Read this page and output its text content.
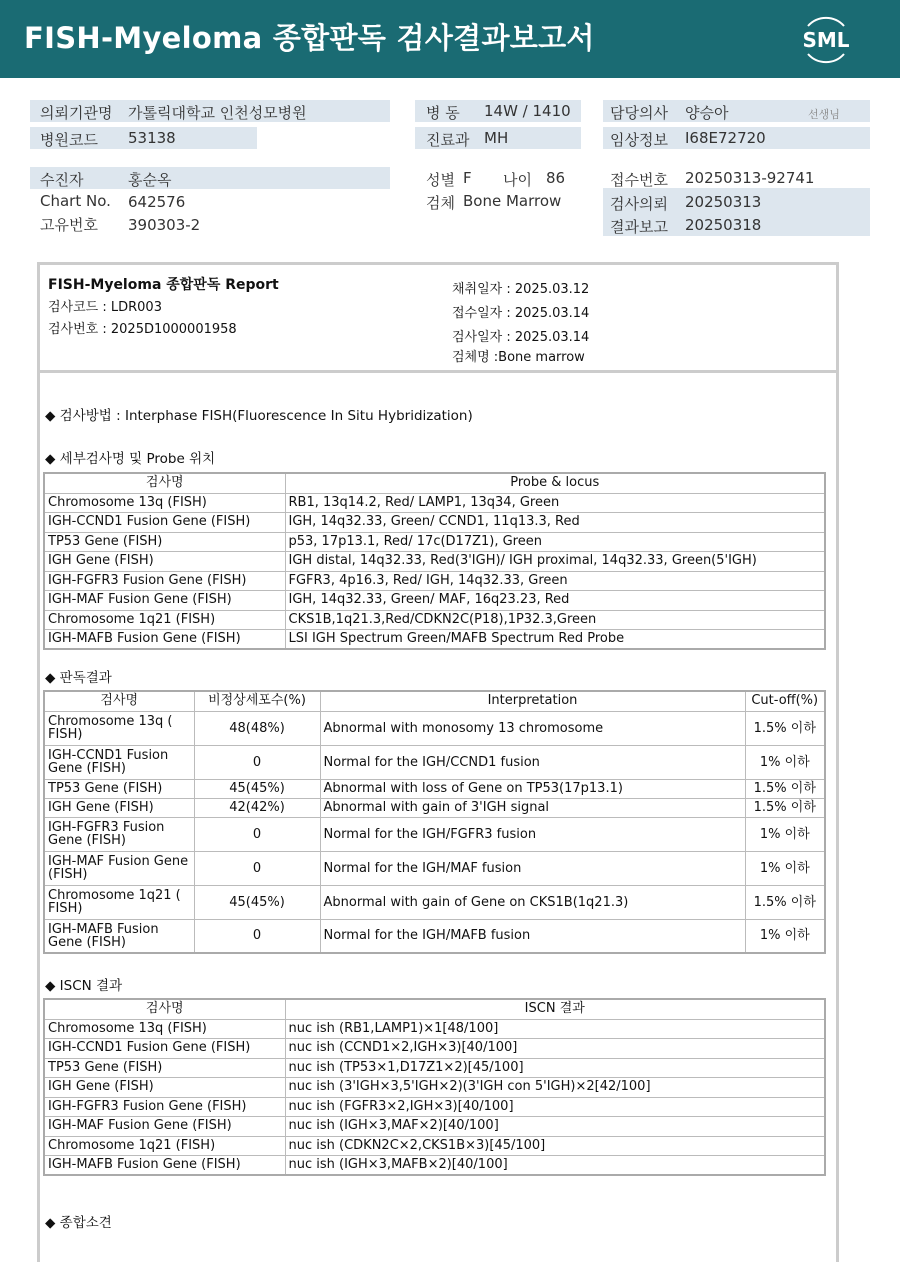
FISH-Myeloma 종합판독 검사결과보고서	SML
의뢰기관명 가톨릭대학교 인천성모병원
병원코드 53138
병 동 14W / 1410
진료과 MH
담당의사 양승아	선생님
임상정보 I68E72720
수진자	홍순옥
Chart No. 642576
고유번호 390303-2
성별 F 나이 86
검체 Bone Marrow
접수번호 20250313-92741
검사의뢰 20250313
결과보고 20250318
FISH-Myeloma 종합판독 Report
검사코드 : LDR003
검사번호 : 2025D1000001958
채취일자 : 2025.03.12
접수일자 : 2025.03.14
검사일자 : 2025.03.14
검체명 :Bone marrow
◆ 검사방법 : Interphase FISH(Fluorescence In Situ Hybridization)
◆ 세부검사명 및 Probe 위치
검사명	Probe & locus
Chromosome 13q (FISH)	RB1, 13q14.2, Red/ LAMP1, 13q34, Green
IGH-CCND1 Fusion Gene (FISH)	IGH, 14q32.33, Green/ CCND1, 11q13.3, Red
TP53 Gene (FISH)	p53, 17p13.1, Red/ 17c(D17Z1), Green
IGH Gene (FISH)	IGH distal, 14q32.33, Red(3'IGH)/ IGH proximal, 14q32.33, Green(5'IGH)
IGH-FGFR3 Fusion Gene (FISH)	FGFR3, 4p16.3, Red/ IGH, 14q32.33, Green
IGH-MAF Fusion Gene (FISH)	IGH, 14q32.33, Green/ MAF, 16q23.23, Red
Chromosome 1q21 (FISH)	CKS1B,1q21.3,Red/CDKN2C(P18),1P32.3,Green
IGH-MAFB Fusion Gene (FISH)	LSI IGH Spectrum Green/MAFB Spectrum Red Probe
◆ 판독결과
검사명	비정상세포수(%)	Interpretation	Cut-off(%)
Chromosome 13q ( FISH)	48(48%)	Abnormal with monosomy 13 chromosome	1.5% 이하
IGH-CCND1 Fusion Gene (FISH)	0	Normal for the IGH/CCND1 fusion	1% 이하
TP53 Gene (FISH)	45(45%)	Abnormal with loss of Gene on TP53(17p13.1)	1.5% 이하
IGH Gene (FISH)	42(42%)	Abnormal with gain of 3'IGH signal	1.5% 이하
IGH-FGFR3 Fusion Gene (FISH)	0	Normal for the IGH/FGFR3 fusion	1% 이하
IGH-MAF Fusion Gene (FISH)	0	Normal for the IGH/MAF fusion	1% 이하
Chromosome 1q21 ( FISH)	45(45%)	Abnormal with gain of Gene on CKS1B(1q21.3)	1.5% 이하
IGH-MAFB Fusion Gene (FISH)	0	Normal for the IGH/MAFB fusion	1% 이하
◆ ISCN 결과
검사명	ISCN 결과
Chromosome 13q (FISH)	nuc ish (RB1,LAMP1)×1[48/100]
IGH-CCND1 Fusion Gene (FISH)	nuc ish (CCND1×2,IGH×3)[40/100]
TP53 Gene (FISH)	nuc ish (TP53×1,D17Z1×2)[45/100]
IGH Gene (FISH)	nuc ish (3'IGH×3,5'IGH×2)(3'IGH con 5'IGH)×2[42/100]
IGH-FGFR3 Fusion Gene (FISH)	nuc ish (FGFR3×2,IGH×3)[40/100]
IGH-MAF Fusion Gene (FISH)	nuc ish (IGH×3,MAF×2)[40/100]
Chromosome 1q21 (FISH)	nuc ish (CDKN2C×2,CKS1B×3)[45/100]
IGH-MAFB Fusion Gene (FISH)	nuc ish (IGH×3,MAFB×2)[40/100]
◆ 종합소견
